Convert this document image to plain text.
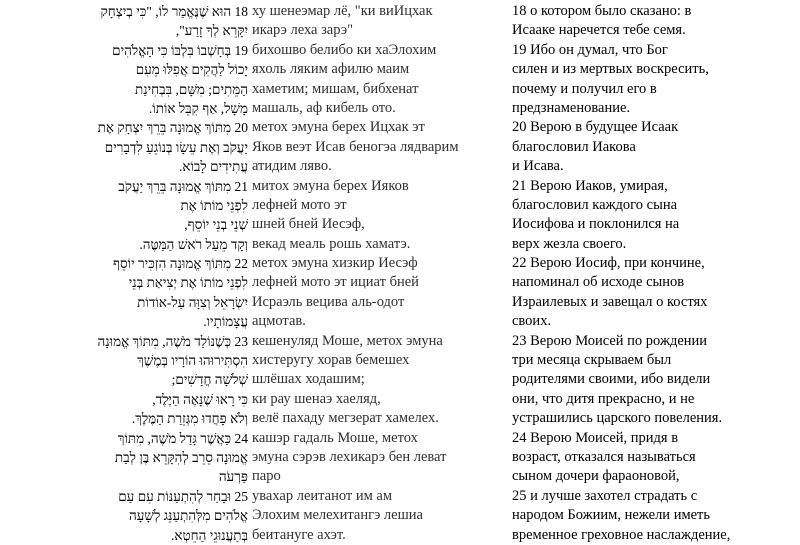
18 הוּא שֶׁנֶּאֱמַר לוֹ, "כִּי בְיִצְחָק
יִקָּרֵא לְךָ זָרַע",
19 בְּחָשְׁבוֹ בִּלְבּוֹ כִּי הָאֱלֹהִים
יָכוֹל לַהֲקִים אֲפִלּוּ מֵעִם
הַמֵּתִים; מִשָּׁם, בִּבְחִינַת
מָשָׁל, אַף קִבֵּל אוֹתוֹ.
20 מִתּוֹךְ אֱמוּנָה בֵּרֵךְ יִצְחָק אֶת
יַעֲקֹב וְאֶת עֵשָׂו בְּנוֹגֵעַ לִדְבָרִים
עֲתִידִים לָבוֹא.
21 מִתּוֹךְ אֱמוּנָה בֵּרֵךְ יַעֲקֹב
לִפְנֵי מוֹתוֹ אֶת
שְׁנֵי בְנֵי יוֹסֵף,
וְקָד מֵעַל רֹאשׁ הַמַּטֶּה.
22 מִתּוֹךְ אֱמוּנָה הִזְכִּיר יוֹסֵף
לִפְנֵי מוֹתוֹ אֶת יְצִיאַת בְּנֵי
יִשְׂרָאֵל וְצִוָּה עַל-אוֹדוֹת
עֲצָמוֹתָיו.
23 כְּשֶׁנּוֹלַד מֹשֶׁה, מִתּוֹךְ אֱמוּנָה
הִסְתִּירוּהוּ הוֹרָיו בְּמֶשֶׁךְ
שְׁלֹשָׁה חֳדָשִׁים;
כִּי רָאוּ שֶׁנָּאֶה הַיֶּלֶד,
וְלֹא פָחֲדוּ מִגְּזֵרַת הַמֶּלֶךְ.
24 כַּאֲשֶׁר גָּדַל מֹשֶׁה, מִתּוֹךְ
אֱמוּנָה סֵרֵב לְהִקָּרֵא בֶּן לְבַת
פַּרְעֹה
25 וּבָחַר לְהִתְעַנּוֹת עִם עַם
אֱלֹהִים מִלְּהִתְעַנֵּג לְשָׁעָה
בְּתַעֲנוּגֵי הַחֵטְא.
ху шенеэмар лё, "ки виИцхак
икарэ леха зарэ"
бихошво белибо ки хаЭлохим
яхоль ляким афилю маим
хаметим; мишам, бибхенат
машаль, аф кибель ото.
метох эмуна берех Ицхак эт
Яков веэт Исав беногэа лядварим
атидим лявο.
митох эмуна берех Ияков
лефней мото эт
шней бней Иесэф,
векад меаль рошь хаматэ.
метох эмуна хизкир Иесэф
лефней мото эт ициат бней
Исраэль вецива аль-одот
ацмотав.
кешенуляд Моше, метох эмуна
хистеругу хорав бемешех
шлёшах ходашим;
ки рау шенаэ хаеляд,
велё пахаду мегзерат хамелех.
кашэр гадаль Моше, метох
эмуна сэрэв лехикарэ бен леват
паро
увахар леитанот им ам
Элохим мелехитангэ лешиа
беитануге ахэт.
18 о котором было сказано: в
Исааке наречется тебе семя.
19 Ибо он думал, что Бог
силен и из мертвых воскресить,
почему и получил его в
предзнаменование.
20 Верою в будущее Исаак
благословил Иакова
и Исава.
21 Верою Иаков, умирая,
благословил каждого сына
Иосифова и поклонился на
верх жезла своего.
22 Верою Иосиф, при кончине,
напоминал об исходе сынов
Израилевых и завещал о костях
своих.
23 Верою Моисей по рождении
три месяца скрываем был
родителями своими, ибо видели
они, что дитя прекрасно, и не
устрашились царского повеления.
24 Верою Моисей, придя в
возраст, отказался называться
сыном дочери фараоновой,
25 и лучше захотел страдать с
народом Божиим, нежели иметь
временное греховное наслаждение,
